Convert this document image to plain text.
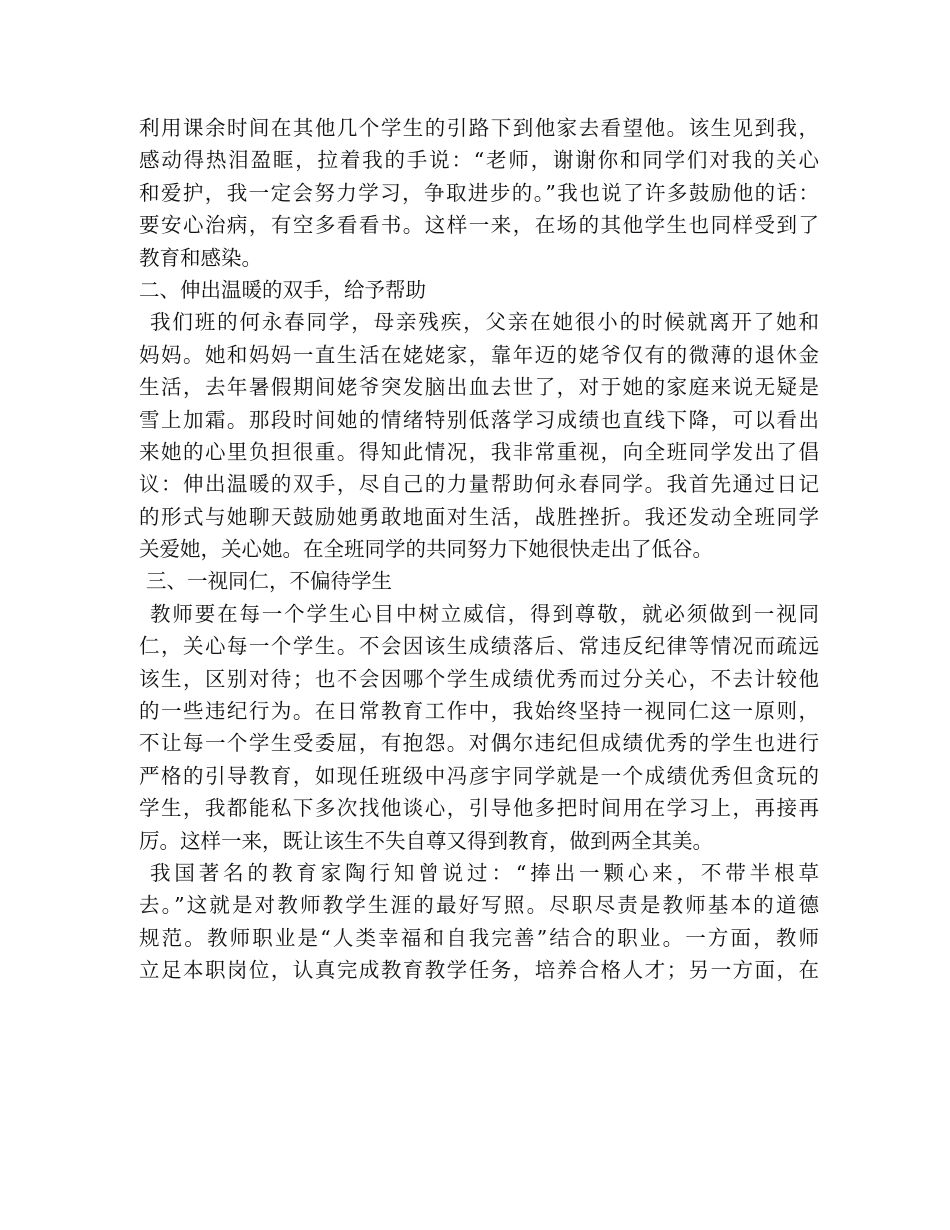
利用课余时间在其他几个学生的引路下到他家去看望他。该生见到我，
感动得热泪盈眶，拉着我的手说：“老师，谢谢你和同学们对我的关心
和爱护，我一定会努力学习，争取进步的。”我也说了许多鼓励他的话：
要安心治病，有空多看看书。这样一来，在场的其他学生也同样受到了
教育和感染。
二、伸出温暖的双手，给予帮助
我们班的何永春同学，母亲残疾，父亲在她很小的时候就离开了她和
妈妈。她和妈妈一直生活在姥姥家，靠年迈的姥爷仅有的微薄的退休金
生活，去年暑假期间姥爷突发脑出血去世了，对于她的家庭来说无疑是
雪上加霜。那段时间她的情绪特别低落学习成绩也直线下降，可以看出
来她的心里负担很重。得知此情况，我非常重视，向全班同学发出了倡
议：伸出温暖的双手，尽自己的力量帮助何永春同学。我首先通过日记
的形式与她聊天鼓励她勇敢地面对生活，战胜挫折。我还发动全班同学
关爱她，关心她。在全班同学的共同努力下她很快走出了低谷。
三、一视同仁，不偏待学生
教师要在每一个学生心目中树立威信，得到尊敬，就必须做到一视同
仁，关心每一个学生。不会因该生成绩落后、常违反纪律等情况而疏远
该生，区别对待；也不会因哪个学生成绩优秀而过分关心，不去计较他
的一些违纪行为。在日常教育工作中，我始终坚持一视同仁这一原则，
不让每一个学生受委屈，有抱怨。对偶尔违纪但成绩优秀的学生也进行
严格的引导教育，如现任班级中冯彦宇同学就是一个成绩优秀但贪玩的
学生，我都能私下多次找他谈心，引导他多把时间用在学习上，再接再
厉。这样一来，既让该生不失自尊又得到教育，做到两全其美。
我国著名的教育家陶行知曾说过：“捧出一颗心来，不带半根草
去。”这就是对教师教学生涯的最好写照。尽职尽责是教师基本的道德
规范。教师职业是“人类幸福和自我完善”结合的职业。一方面，教师
立足本职岗位，认真完成教育教学任务，培养合格人才；另一方面，在
